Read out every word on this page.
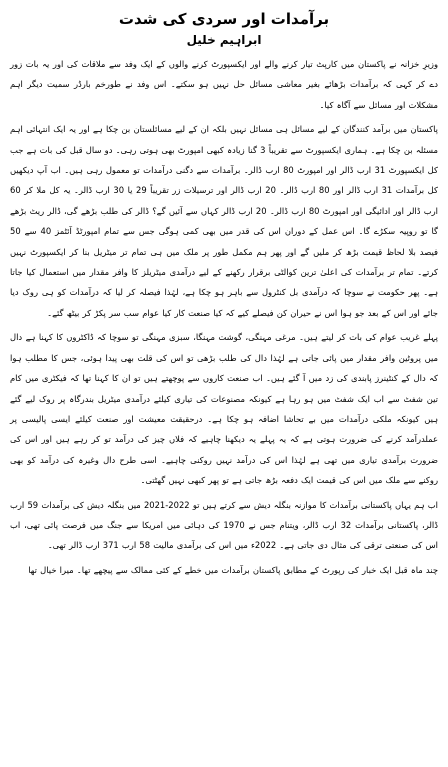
برآمدات اور سردی کی شدت
ابراہیم خلیل

وزیرِ خزانہ نے پاکستان میں کارپٹ تیار کرنے والے اور ایکسپورٹ کرنے والوں کے ایک وفد سے ملاقات کی اور یہ بات زور دے کر کہی کہ برآمدات بڑھائے بغیر معاشی مسائل حل نہیں ہو سکتے۔ اس وفد نے طورخم بارڈر سمیت دیگر اہم مشکلات اور مسائل سے آگاہ کیا۔

پاکستان میں برآمد کنندگان کے لیے مسائل ہی مسائل نہیں بلکہ ان کے لیے مسائلستان بن چکا ہے اور یہ ایک انتہائی اہم مسئلہ بن چکا ہے۔ ہماری ایکسپورٹ سے تقریباً 3 گنا زیادہ کبھی امپورٹ بھی ہوتی رہی۔ دو سال قبل کی بات ہے جب کل ایکسپورٹ 31 ارب ڈالر اور امپورٹ 80 ارب ڈالر۔ برآمدات سے دگنی درآمدات تو معمول رہی ہیں۔ اب آپ دیکھیں کل برآمدات 31 ارب ڈالر اور 80 ارب ڈالر۔ 20 ارب ڈالر اور ترسیلات زر تقریباً 29 یا 30 ارب ڈالر۔ یہ کل ملا کر 60 ارب ڈالر اور ادائیگی اور امپورٹ 80 ارب ڈالر۔ 20 ارب ڈالر کہاں سے آئیں گے؟ ڈالر کی طلب بڑھے گی، ڈالر ریٹ بڑھے گا تو روپیہ سکڑے گا۔ اس عمل کے دوران اس کی قدر میں بھی کمی ہوگی جس سے تمام امپورٹڈ آئٹمز 40 سے 50 فیصد بلا لحاظ قیمت بڑھ کر ملیں گے اور پھر ہم مکمل طور پر ملک میں ہی تمام تر میٹریل بنا کر ایکسپورٹ نہیں کرتے۔ تمام تر برآمدات کی اعلیٰ ترین کوالٹی برقرار رکھنے کے لیے درآمدی میٹریلز کا وافر مقدار میں استعمال کیا جاتا ہے۔ پھر حکومت نے سوچا کہ درآمدی بل کنٹرول سے باہر ہو چکا ہے، لہٰذا فیصلہ کر لیا کہ درآمدات کو ہی روک دیا جائے اور اس کے بعد جو ہوا اس نے حیران کن فیصلے کیے کہ کیا صنعت کار کیا عوام سب سر پکڑ کر بیٹھ گئے۔

پہلے غریب عوام کی بات کر لیتے ہیں۔ مرغی مہنگی، گوشت مہنگا، سبزی مہنگی تو سوچا کہ ڈاکٹروں کا کہنا ہے دال میں پروٹین وافر مقدار میں پائی جاتی ہے لہٰذا دال کی طلب بڑھی تو اس کی قلت بھی پیدا ہوئی، جس کا مطلب ہوا کہ دال کے کنٹینرز پابندی کی زد میں آ گئے ہیں۔ اب صنعت کاروں سے پوچھتے ہیں تو ان کا کہنا تھا کہ فیکٹری میں کام تین شفٹ سے اب ایک شفٹ میں ہو رہا ہے کیونکہ مصنوعات کی تیاری کیلئے درآمدی میٹریل بندرگاہ پر روک لیے گئے ہیں کیونکہ ملکی درآمدات میں بے تحاشا اضافہ ہو چکا ہے۔ درحقیقت معیشت اور صنعت کیلئے ایسی پالیسی پر عملدرآمد کرنے کی ضرورت ہوتی ہے کہ یہ پہلے یہ دیکھنا چاہیے کہ فلاں چیز کی درآمد تو کر رہے ہیں اور اس کی ضرورت برآمدی تیاری میں تھی ہے لہٰذا اس کی درآمد نہیں روکنی چاہیے۔ اسی طرح دال وغیرہ کی درآمد کو بھی روکنے سے ملک میں اس کی قیمت ایک دفعہ بڑھ جاتی ہے تو پھر کبھی نہیں گھٹتی۔

اب ہم یہاں پاکستانی برآمدات کا موازنہ بنگلہ دیش سے کرتے ہیں تو 2022-2021 میں بنگلہ دیش کی برآمدات 59 ارب ڈالر، پاکستانی برآمدات 32 ارب ڈالر، ویتنام جس نے 1970 کی دہائی میں امریکا سے جنگ میں فرصت پائی تھی، اب اس کی صنعتی ترقی کی مثال دی جاتی ہے۔ 2022ء میں اس کی برآمدی مالیت 58 ارب 371 ارب ڈالر تھی۔

چند ماہ قبل ایک خبار کی رپورٹ کے مطابق پاکستان برآمدات میں خطے کے کئی ممالک سے پیچھے تھا۔ میرا خیال تھا
